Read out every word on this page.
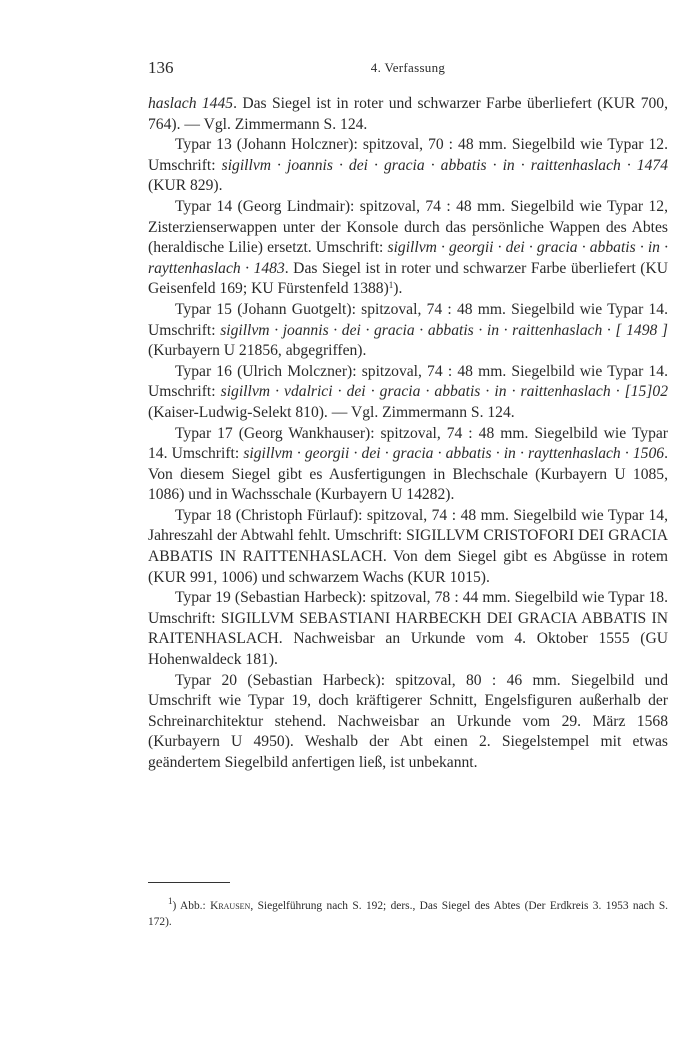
136	4. Verfassung

haslach 1445. Das Siegel ist in roter und schwarzer Farbe überliefert (KUR 700, 764). — Vgl. Zimmermann S. 124.

Typar 13 (Johann Holczner): spitzoval, 70 : 48 mm. Siegelbild wie Typar 12. Umschrift: sigillvm · joannis · dei · gracia · abbatis · in · raittenhaslach · 1474 (KUR 829).

Typar 14 (Georg Lindmair): spitzoval, 74 : 48 mm. Siegelbild wie Typar 12, Zisterzienserwappen unter der Konsole durch das persönliche Wappen des Abtes (heraldische Lilie) ersetzt. Umschrift: sigillvm · georgii · dei · gracia · abbatis · in · rayttenhaslach · 1483. Das Siegel ist in roter und schwarzer Farbe überliefert (KU Geisenfeld 169; KU Fürstenfeld 1388)$^1$).

Typar 15 (Johann Guotgelt): spitzoval, 74 : 48 mm. Siegelbild wie Typar 14. Umschrift: sigillvm · joannis · dei · gracia · abbatis · in · raittenhaslach · [ 1498 ] (Kurbayern U 21856, abgegriffen).

Typar 16 (Ulrich Molczner): spitzoval, 74 : 48 mm. Siegelbild wie Typar 14. Umschrift: sigillvm · vdalrici · dei · gracia · abbatis · in · raittenhaslach · [15]02 (Kaiser-Ludwig-Selekt 810). — Vgl. Zimmermann S. 124.

Typar 17 (Georg Wankhauser): spitzoval, 74 : 48 mm. Siegelbild wie Typar 14. Umschrift: sigillvm · georgii · dei · gracia · abbatis · in · rayttenhaslach · 1506. Von diesem Siegel gibt es Ausfertigungen in Blechschale (Kurbayern U 1085, 1086) und in Wachsschale (Kurbayern U 14282).

Typar 18 (Christoph Fürlauf): spitzoval, 74 : 48 mm. Siegelbild wie Typar 14, Jahreszahl der Abtwahl fehlt. Umschrift: SIGILLVM CRISTOFORI DEI GRACIA ABBATIS IN RAITTENHASLACH. Von dem Siegel gibt es Abgüsse in rotem (KUR 991, 1006) und schwarzem Wachs (KUR 1015).

Typar 19 (Sebastian Harbeck): spitzoval, 78 : 44 mm. Siegelbild wie Typar 18. Umschrift: SIGILLVM SEBASTIANI HARBECKH DEI GRACIA ABBATIS IN RAITENHASLACH. Nachweisbar an Urkunde vom 4. Oktober 1555 (GU Hohenwaldeck 181).

Typar 20 (Sebastian Harbeck): spitzoval, 80 : 46 mm. Siegelbild und Umschrift wie Typar 19, doch kräftigerer Schnitt, Engelsfiguren außerhalb der Schreinarchitektur stehend. Nachweisbar an Urkunde vom 29. März 1568 (Kurbayern U 4950). Weshalb der Abt einen 2. Siegelstempel mit etwas geändertem Siegelbild anfertigen ließ, ist unbekannt.

$^1$) Abb.: Krausen, Siegelführung nach S. 192; ders., Das Siegel des Abtes (Der Erdkreis 3. 1953 nach S. 172).
